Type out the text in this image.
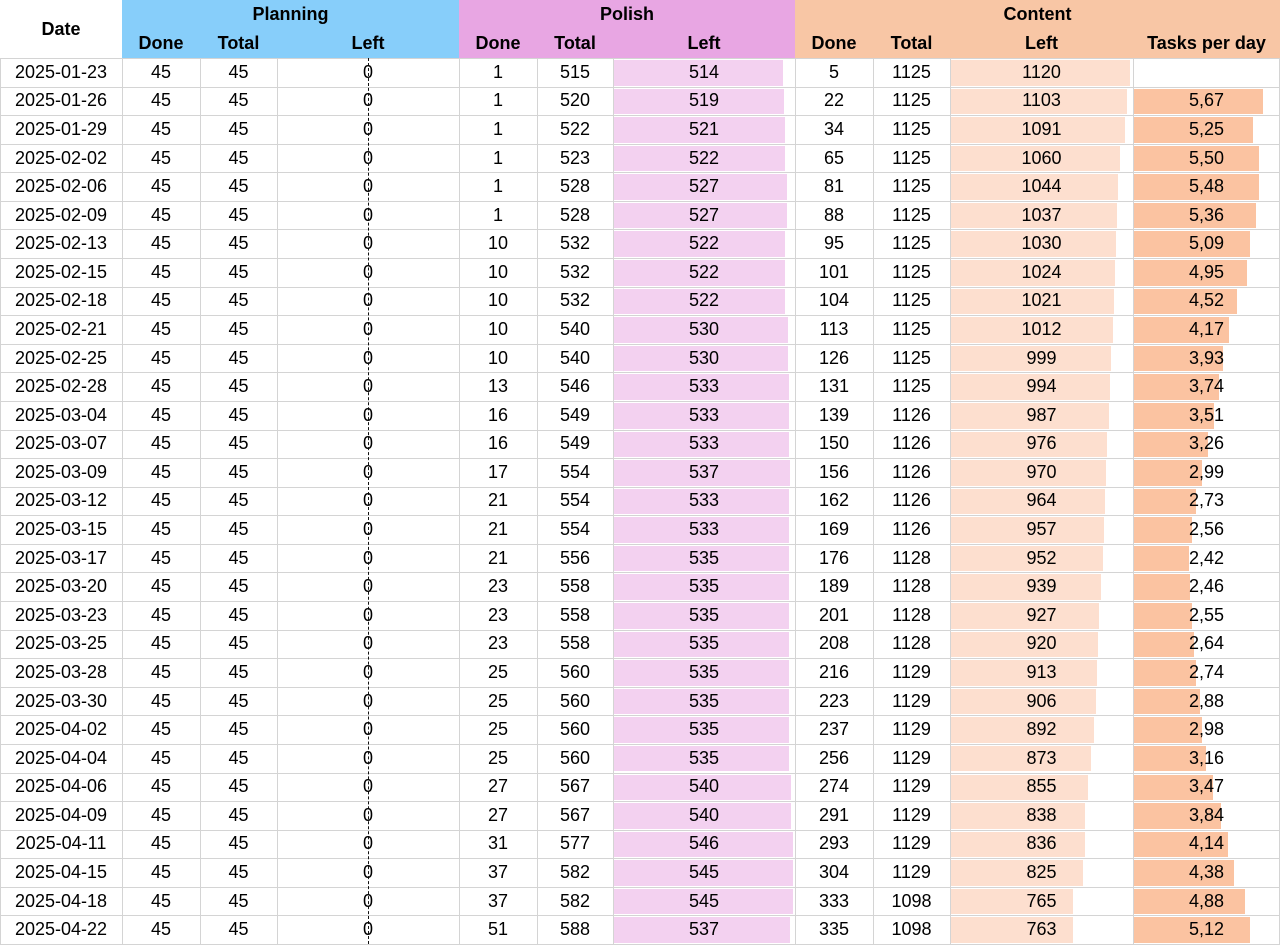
Date
Planning	Polish	Content
Done	Total	Left	Done	Total	Left	Done	Total	Left	Tasks per day
2025-01-23	45	45	0	1	515	514	5	1125	1120
2025-01-26	45	45	0	1	520	519	22	1125	1103	5,67
2025-01-29	45	45	0	1	522	521	34	1125	1091	5,25
2025-02-02	45	45	0	1	523	522	65	1125	1060	5,50
2025-02-06	45	45	0	1	528	527	81	1125	1044	5,48
2025-02-09	45	45	0	1	528	527	88	1125	1037	5,36
2025-02-13	45	45	0	10	532	522	95	1125	1030	5,09
2025-02-15	45	45	0	10	532	522	101	1125	1024	4,95
2025-02-18	45	45	0	10	532	522	104	1125	1021	4,52
2025-02-21	45	45	0	10	540	530	113	1125	1012	4,17
2025-02-25	45	45	0	10	540	530	126	1125	999	3,93
2025-02-28	45	45	0	13	546	533	131	1125	994	3,74
2025-03-04	45	45	0	16	549	533	139	1126	987	3,51
2025-03-07	45	45	0	16	549	533	150	1126	976	3,26
2025-03-09	45	45	0	17	554	537	156	1126	970	2,99
2025-03-12	45	45	0	21	554	533	162	1126	964	2,73
2025-03-15	45	45	0	21	554	533	169	1126	957	2,56
2025-03-17	45	45	0	21	556	535	176	1128	952	2,42
2025-03-20	45	45	0	23	558	535	189	1128	939	2,46
2025-03-23	45	45	0	23	558	535	201	1128	927	2,55
2025-03-25	45	45	0	23	558	535	208	1128	920	2,64
2025-03-28	45	45	0	25	560	535	216	1129	913	2,74
2025-03-30	45	45	0	25	560	535	223	1129	906	2,88
2025-04-02	45	45	0	25	560	535	237	1129	892	2,98
2025-04-04	45	45	0	25	560	535	256	1129	873	3,16
2025-04-06	45	45	0	27	567	540	274	1129	855	3,47
2025-04-09	45	45	0	27	567	540	291	1129	838	3,84
2025-04-11	45	45	0	31	577	546	293	1129	836	4,14
2025-04-15	45	45	0	37	582	545	304	1129	825	4,38
2025-04-18	45	45	0	37	582	545	333	1098	765	4,88
2025-04-22	45	45	0	51	588	537	335	1098	763	5,12
